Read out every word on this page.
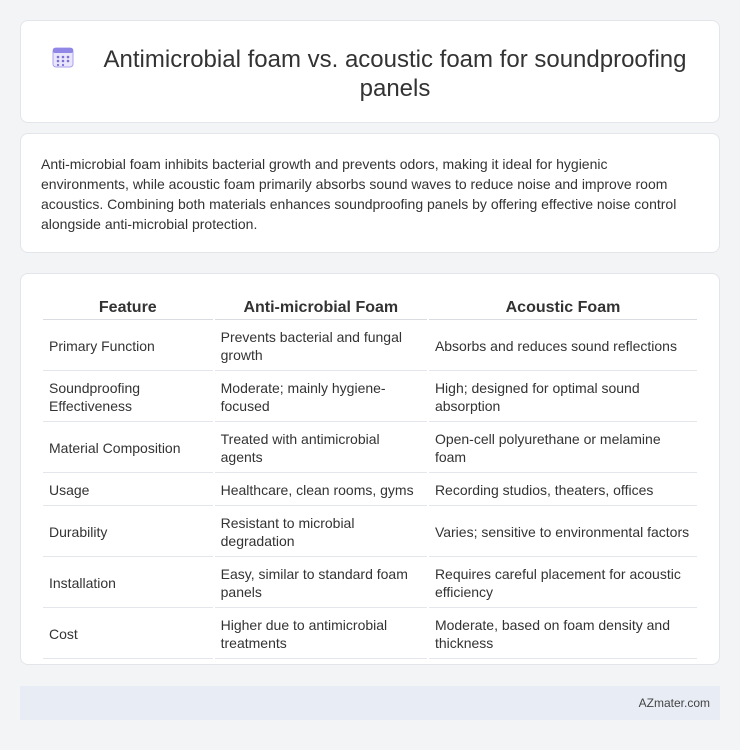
Antimicrobial foam vs. acoustic foam for soundproofing panels

Anti-microbial foam inhibits bacterial growth and prevents odors, making it ideal for hygienic environments, while acoustic foam primarily absorbs sound waves to reduce noise and improve room acoustics. Combining both materials enhances soundproofing panels by offering effective noise control alongside anti-microbial protection.

Feature	Anti-microbial Foam	Acoustic Foam
Primary Function	Prevents bacterial and fungal growth	Absorbs and reduces sound reflections
Soundproofing Effectiveness	Moderate; mainly hygiene-focused	High; designed for optimal sound absorption
Material Composition	Treated with antimicrobial agents	Open-cell polyurethane or melamine foam
Usage	Healthcare, clean rooms, gyms	Recording studios, theaters, offices
Durability	Resistant to microbial degradation	Varies; sensitive to environmental factors
Installation	Easy, similar to standard foam panels	Requires careful placement for acoustic efficiency
Cost	Higher due to antimicrobial treatments	Moderate, based on foam density and thickness
AZmater.com
